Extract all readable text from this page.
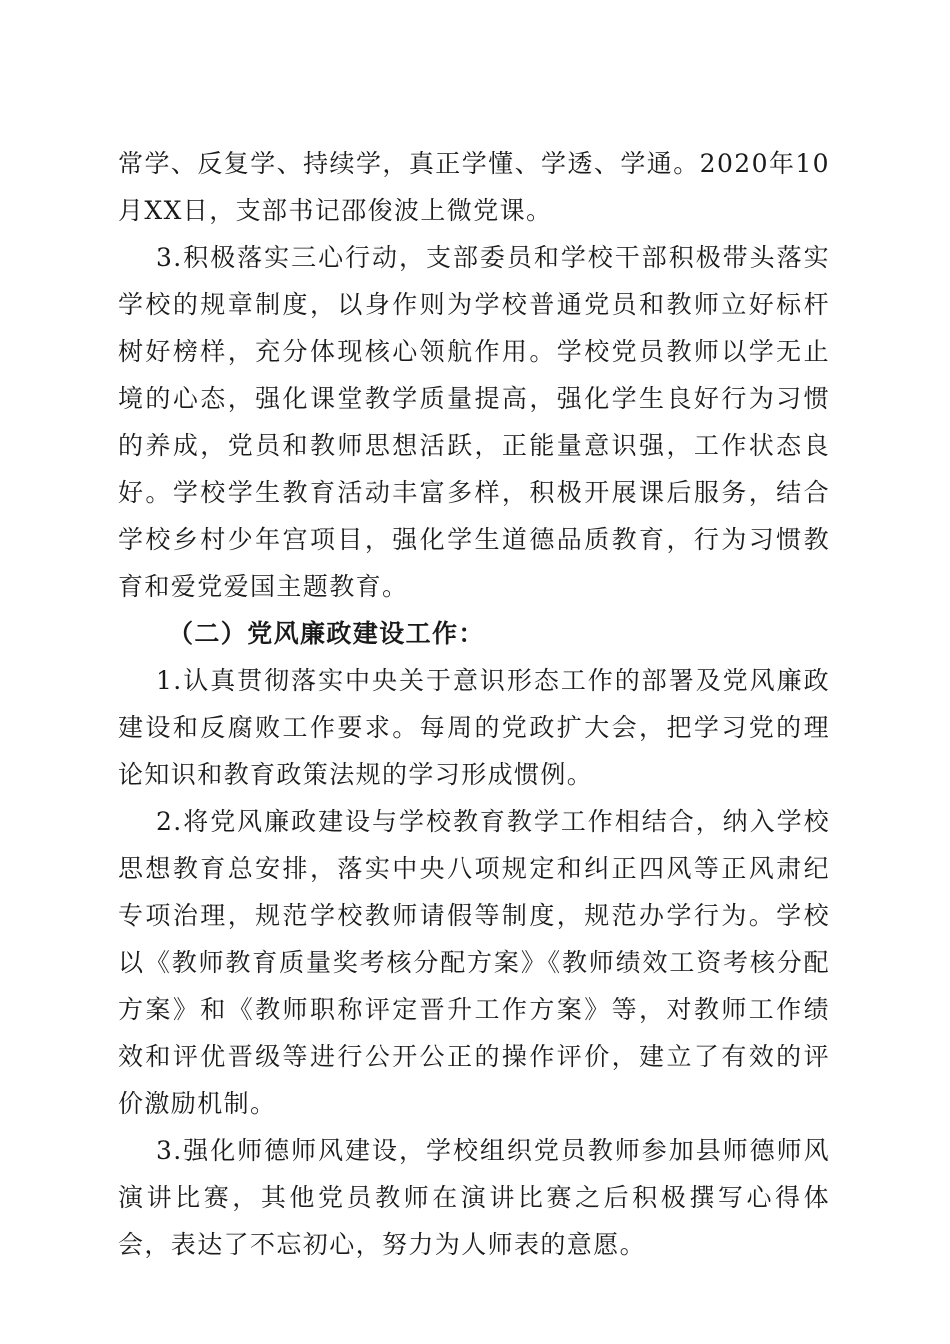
常学、反复学、持续学，真正学懂、学透、学通。2020年10月XX日，支部书记邵俊波上微党课。

3.积极落实三心行动，支部委员和学校干部积极带头落实学校的规章制度，以身作则为学校普通党员和教师立好标杆树好榜样，充分体现核心领航作用。学校党员教师以学无止境的心态，强化课堂教学质量提高，强化学生良好行为习惯的养成，党员和教师思想活跃，正能量意识强，工作状态良好。学校学生教育活动丰富多样，积极开展课后服务，结合学校乡村少年宫项目，强化学生道德品质教育，行为习惯教育和爱党爱国主题教育。

（二）党风廉政建设工作：

1.认真贯彻落实中央关于意识形态工作的部署及党风廉政建设和反腐败工作要求。每周的党政扩大会，把学习党的理论知识和教育政策法规的学习形成惯例。

2.将党风廉政建设与学校教育教学工作相结合，纳入学校思想教育总安排，落实中央八项规定和纠正四风等正风肃纪专项治理，规范学校教师请假等制度，规范办学行为。学校以《教师教育质量奖考核分配方案》《教师绩效工资考核分配方案》和《教师职称评定晋升工作方案》等，对教师工作绩效和评优晋级等进行公开公正的操作评价，建立了有效的评价激励机制。

3.强化师德师风建设，学校组织党员教师参加县师德师风演讲比赛，其他党员教师在演讲比赛之后积极撰写心得体会，表达了不忘初心，努力为人师表的意愿。
